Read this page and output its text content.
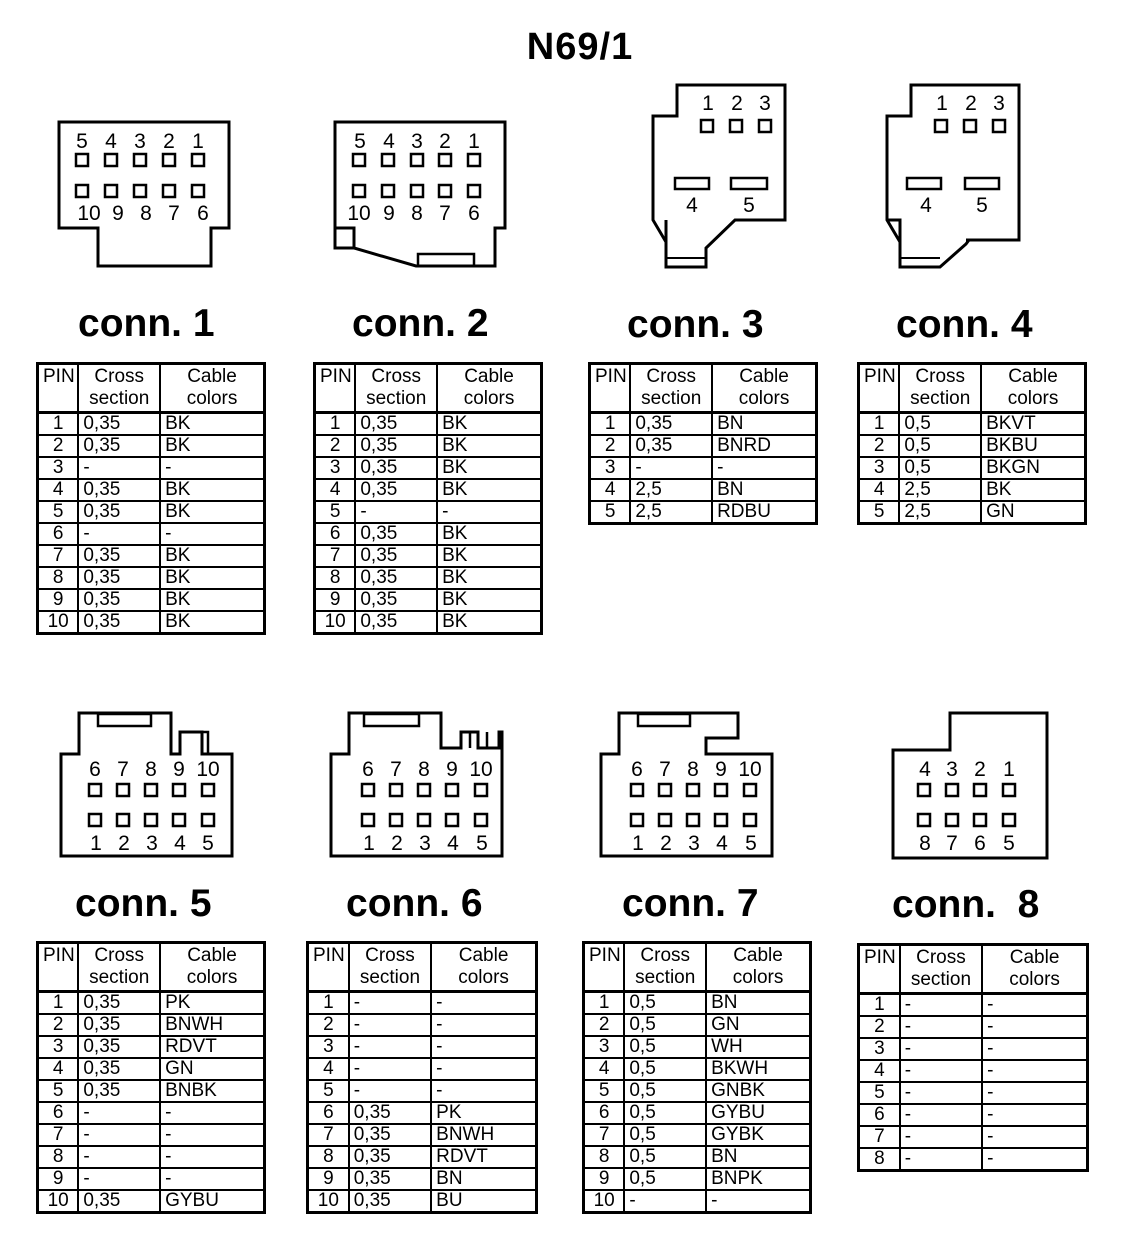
N69/1
5 4 3 2 1
10 9 8 7 6
5 4 3 2 1
10 9 8 7 6
1 2 3
4 5
1 2 3
4 5
6 7 8 9 10
1 2 3 4 5
6 7 8 9 10
1 2 3 4 5
6 7 8 9 10
1 2 3 4 5
4 3 2 1
8 7 6 5
conn. 1	conn. 2	conn. 3	conn. 4
conn. 5	conn. 6	conn. 7	conn.  8
PIN	Cross section	Cable colors
1	0,35	BK
2	0,35	BK
3	-	-
4	0,35	BK
5	0,35	BK
6	-	-
7	0,35	BK
8	0,35	BK
9	0,35	BK
10	0,35	BK
PIN	Cross section	Cable colors
1	0,35	BK
2	0,35	BK
3	0,35	BK
4	0,35	BK
5	-	-
6	0,35	BK
7	0,35	BK
8	0,35	BK
9	0,35	BK
10	0,35	BK
PIN	Cross section	Cable colors
1	0,35	BN
2	0,35	BNRD
3	-	-
4	2,5	BN
5	2,5	RDBU
PIN	Cross section	Cable colors
1	0,5	BKVT
2	0,5	BKBU
3	0,5	BKGN
4	2,5	BK
5	2,5	GN
PIN	Cross section	Cable colors
1	0,35	PK
2	0,35	BNWH
3	0,35	RDVT
4	0,35	GN
5	0,35	BNBK
6	-	-
7	-	-
8	-	-
9	-	-
10	0,35	GYBU
PIN	Cross section	Cable colors
1	-	-
2	-	-
3	-	-
4	-	-
5	-	-
6	0,35	PK
7	0,35	BNWH
8	0,35	RDVT
9	0,35	BN
10	0,35	BU
PIN	Cross section	Cable colors
1	0,5	BN
2	0,5	GN
3	0,5	WH
4	0,5	BKWH
5	0,5	GNBK
6	0,5	GYBU
7	0,5	GYBK
8	0,5	BN
9	0,5	BNPK
10	-	-
PIN	Cross section	Cable colors
1	-	-
2	-	-
3	-	-
4	-	-
5	-	-
6	-	-
7	-	-
8	-	-
